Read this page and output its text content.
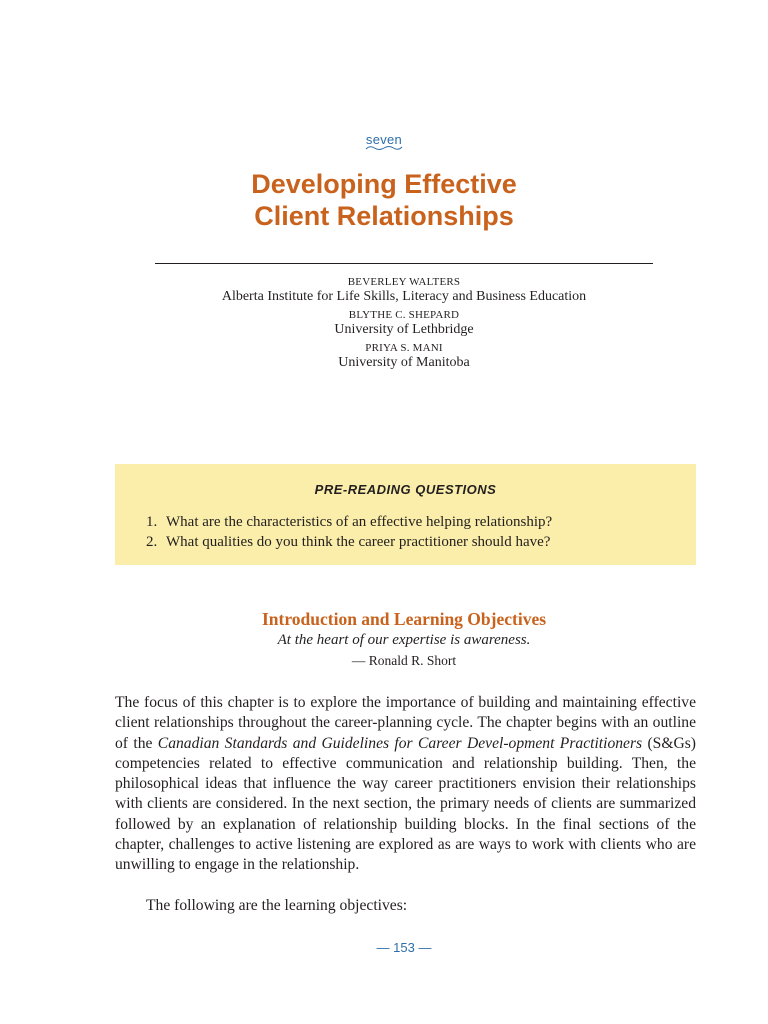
seven
Developing Effective
Client Relationships
BEVERLEY WALTERS
Alberta Institute for Life Skills, Literacy and Business Education
BLYTHE C. SHEPARD
University of Lethbridge
PRIYA S. MANI
University of Manitoba
PRE-READING QUESTIONS
1. What are the characteristics of an effective helping relationship?
2. What qualities do you think the career practitioner should have?
Introduction and Learning Objectives
At the heart of our expertise is awareness.
— Ronald R. Short

The focus of this chapter is to explore the importance of building and maintaining effective client relationships throughout the career-planning cycle. The chapter begins with an outline of the Canadian Standards and Guidelines for Career Devel-opment Practitioners (S&Gs) competencies related to effective communication and relationship building. Then, the philosophical ideas that influence the way career practitioners envision their relationships with clients are considered. In the next section, the primary needs of clients are summarized followed by an explanation of relationship building blocks. In the final sections of the chapter, challenges to active listening are explored as are ways to work with clients who are unwilling to engage in the relationship.

The following are the learning objectives:

— 153 —
